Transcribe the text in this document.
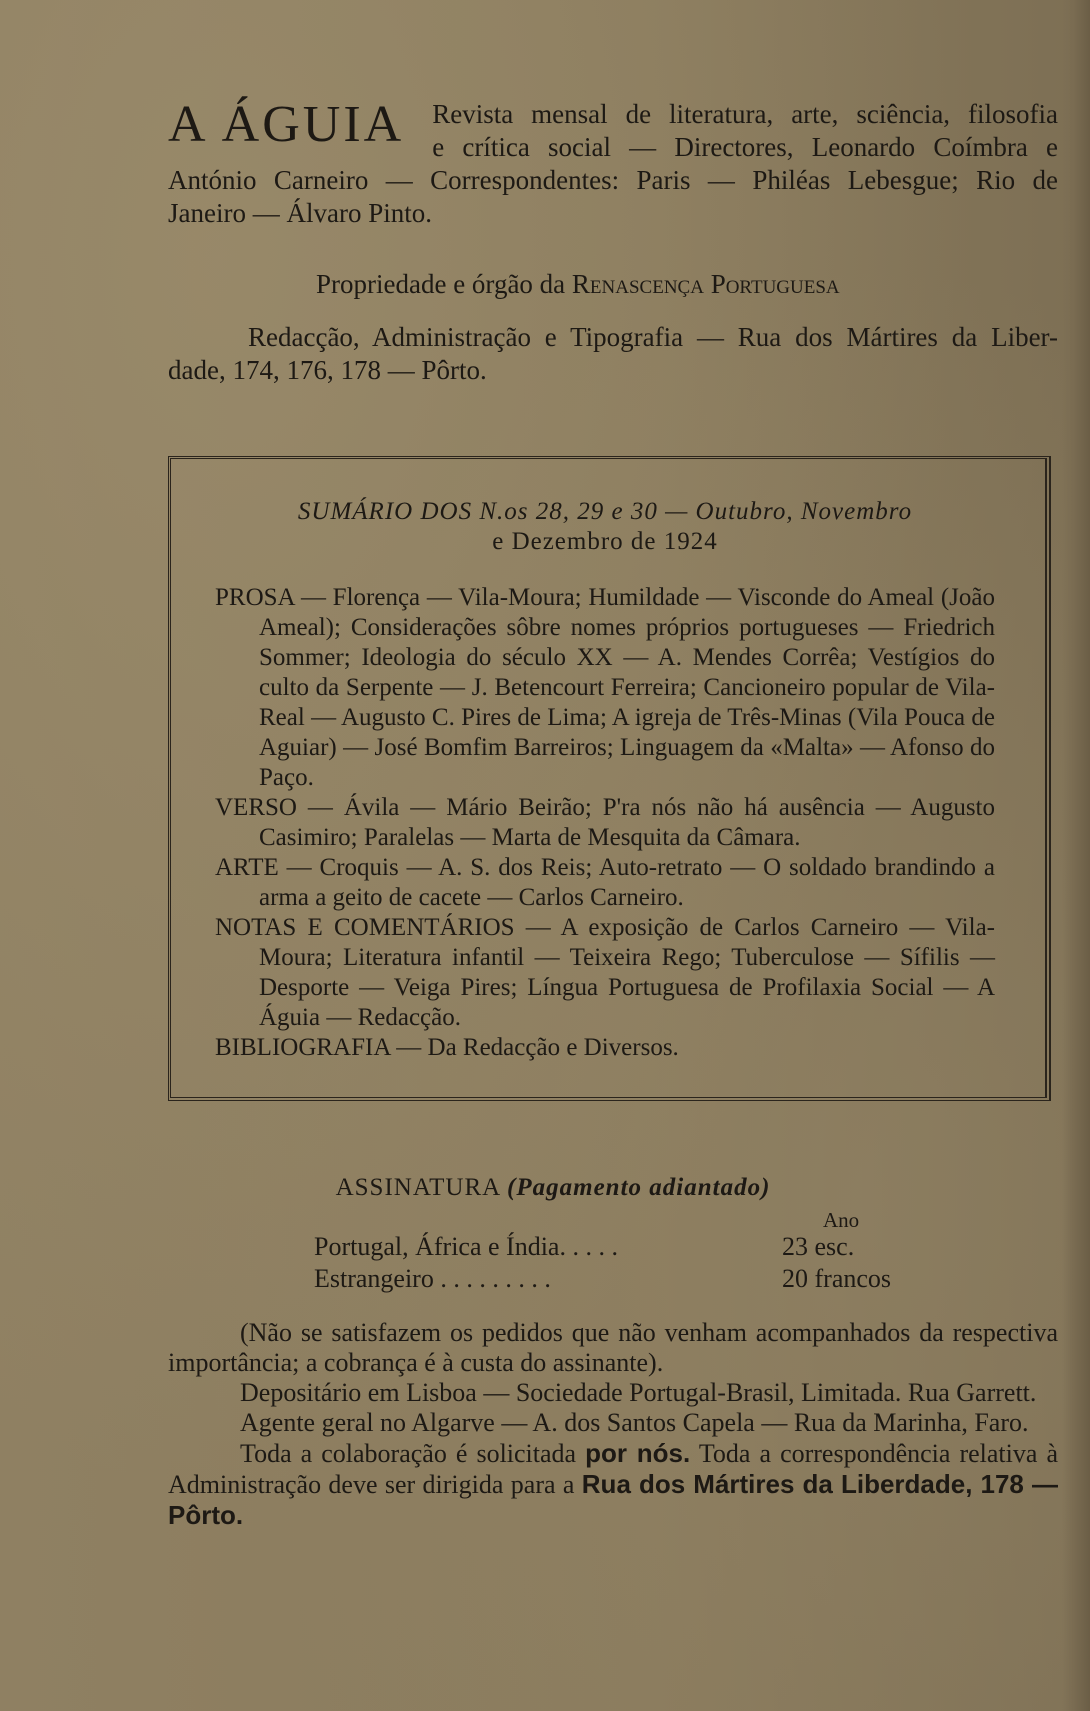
A ÁGUIA Revista mensal de literatura, arte, sciência, filosofia
e crítica social — Directores, Leonardo Coímbra e

António Carneiro — Correspondentes: Paris — Philéas Lebesgue; Rio de

Janeiro — Álvaro Pinto.

Propriedade e órgão da Renascença Portuguesa

Redacção, Administração e Tipografia — Rua dos Mártires da Liber-

dade, 174, 176, 178 — Pôrto.

SUMÁRIO DOS N.os 28, 29 e 30 — Outubro, Novembro

e Dezembro de 1924

PROSA — Florença — Vila-Moura; Humildade — Visconde do Ameal (João Ameal); Considerações sôbre nomes próprios portugueses — Friedrich Sommer; Ideologia do século XX — A. Mendes Corrêa; Vestígios do culto da Serpente — J. Betencourt Ferreira; Cancioneiro popular de Vila-Real — Augusto C. Pires de Lima; A igreja de Três-Minas (Vila Pouca de Aguiar) — José Bomfim Barreiros; Linguagem da «Malta» — Afonso do Paço.

VERSO — Ávila — Mário Beirão; P'ra nós não há ausência — Augusto Casimiro; Paralelas — Marta de Mesquita da Câmara.

ARTE — Croquis — A. S. dos Reis; Auto-retrato — O soldado brandindo a arma a geito de cacete — Carlos Carneiro.

NOTAS E COMENTÁRIOS — A exposição de Carlos Carneiro — Vila-Moura; Literatura infantil — Teixeira Rego; Tuberculose — Sífilis — Desporte — Veiga Pires; Língua Portuguesa de Profilaxia Social — A Águia — Redacção.

BIBLIOGRAFIA — Da Redacção e Diversos.

ASSINATURA (Pagamento adiantado)

Ano
Portugal, África e Índia. . . . .	23 esc.
Estrangeiro . . . . . . . . .	20 francos

(Não se satisfazem os pedidos que não venham acompanhados da respectiva importância; a cobrança é à custa do assinante).

Depositário em Lisboa — Sociedade Portugal-Brasil, Limitada. Rua Garrett.

Agente geral no Algarve — A. dos Santos Capela — Rua da Marinha, Faro.

Toda a colaboração é solicitada por nós. Toda a correspondência relativa à Administração deve ser dirigida para a Rua dos Mártires da Liberdade, 178 — Pôrto.
